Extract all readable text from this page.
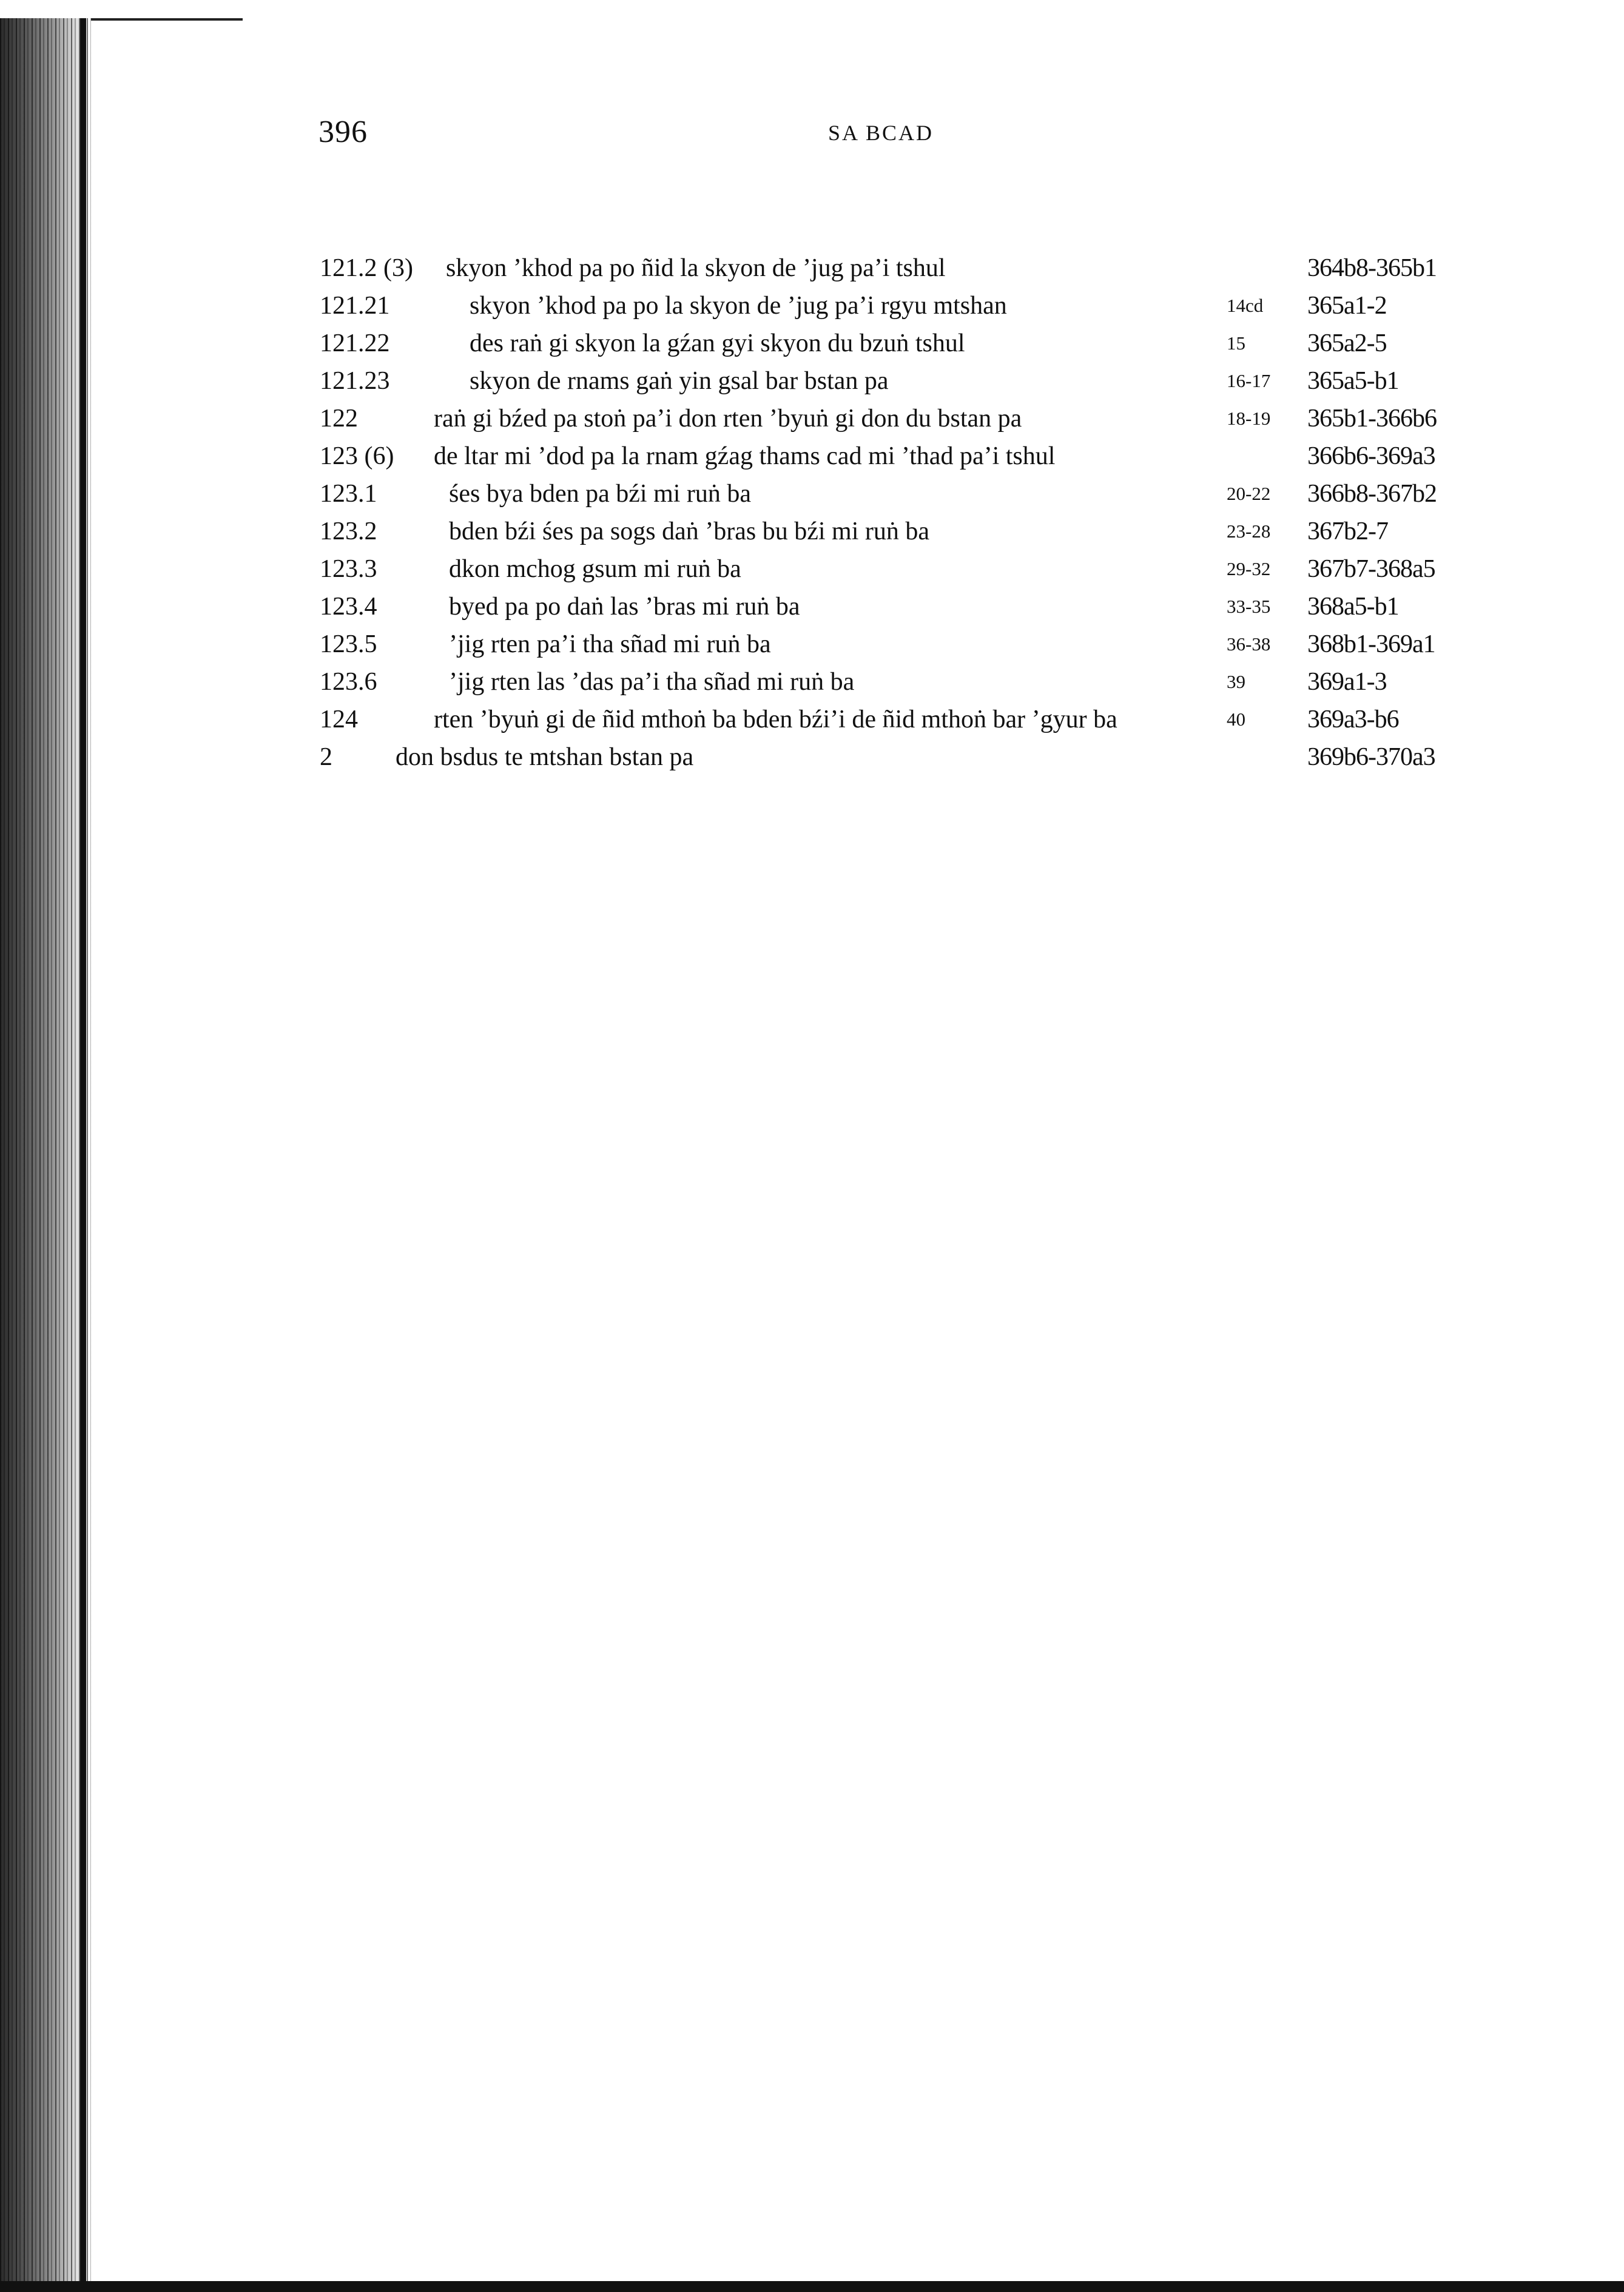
396	SA BCAD
121.2 (3) skyon ’khod pa po ñid la skyon de ’jug pa’i tshul	364b8-365b1
121.21	skyon ’khod pa po la skyon de ’jug pa’i rgyu mtshan	14cd 365a1-2
121.22	des raṅ gi skyon la gźan gyi skyon du bzuṅ tshul	15 365a2-5
121.23	skyon de rnams gaṅ yin gsal bar bstan pa	16-17 365a5-b1
122	raṅ gi bźed pa stoṅ pa’i don rten ’byuṅ gi don du bstan pa	18-19 365b1-366b6
123 (6) de ltar mi ’dod pa la rnam gźag thams cad mi ’thad pa’i tshul	366b6-369a3
123.1	śes bya bden pa bźi mi ruṅ ba	20-22 366b8-367b2
123.2	bden bźi śes pa sogs daṅ ’bras bu bźi mi ruṅ ba	23-28 367b2-7
123.3	dkon mchog gsum mi ruṅ ba	29-32 367b7-368a5
123.4	byed pa po daṅ las ’bras mi ruṅ ba	33-35 368a5-b1
123.5	’jig rten pa’i tha sñad mi ruṅ ba	36-38 368b1-369a1
123.6	’jig rten las ’das pa’i tha sñad mi ruṅ ba	39 369a1-3
124	rten ’byuṅ gi de ñid mthoṅ ba bden bźi’i de ñid mthoṅ bar ’gyur ba	40 369a3-b6
2 don bsdus te mtshan bstan pa	369b6-370a3
